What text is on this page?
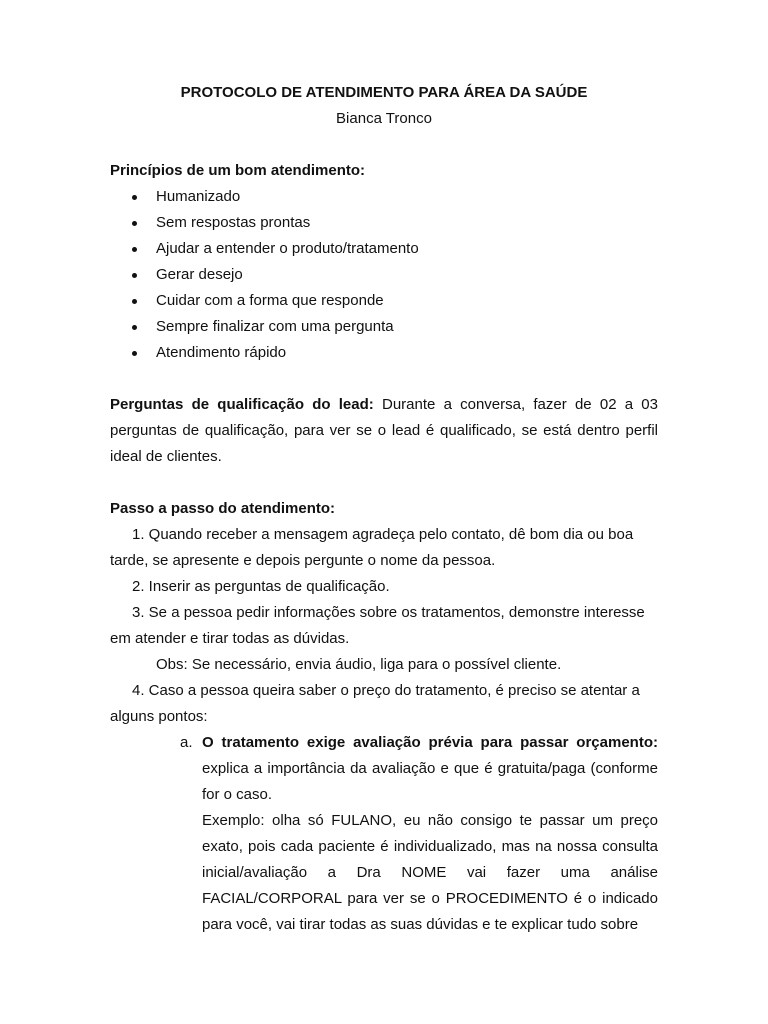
PROTOCOLO DE ATENDIMENTO PARA ÁREA DA SAÚDE

Bianca Tronco

Princípios de um bom atendimento:

Humanizado
Sem respostas prontas
Ajudar a entender o produto/tratamento
Gerar desejo
Cuidar com a forma que responde
Sempre finalizar com uma pergunta
Atendimento rápido

Perguntas de qualificação do lead: Durante a conversa, fazer de 02 a 03 perguntas de qualificação, para ver se o lead é qualificado, se está dentro perfil ideal de clientes.

Passo a passo do atendimento:

1. Quando receber a mensagem agradeça pelo contato, dê bom dia ou boa tarde, se apresente e depois pergunte o nome da pessoa.

2. Inserir as perguntas de qualificação.

3. Se a pessoa pedir informações sobre os tratamentos, demonstre interesse em atender e tirar todas as dúvidas.

Obs: Se necessário, envia áudio, liga para o possível cliente.

4. Caso a pessoa queira saber o preço do tratamento, é preciso se atentar a alguns pontos:

a. O tratamento exige avaliação prévia para passar orçamento: explica a importância da avaliação e que é gratuita/paga (conforme for o caso.

Exemplo: olha só FULANO, eu não consigo te passar um preço exato, pois cada paciente é individualizado, mas na nossa consulta inicial/avaliação a Dra NOME vai fazer uma análise FACIAL/CORPORAL para ver se o PROCEDIMENTO é o indicado para você, vai tirar todas as suas dúvidas e te explicar tudo sobre
